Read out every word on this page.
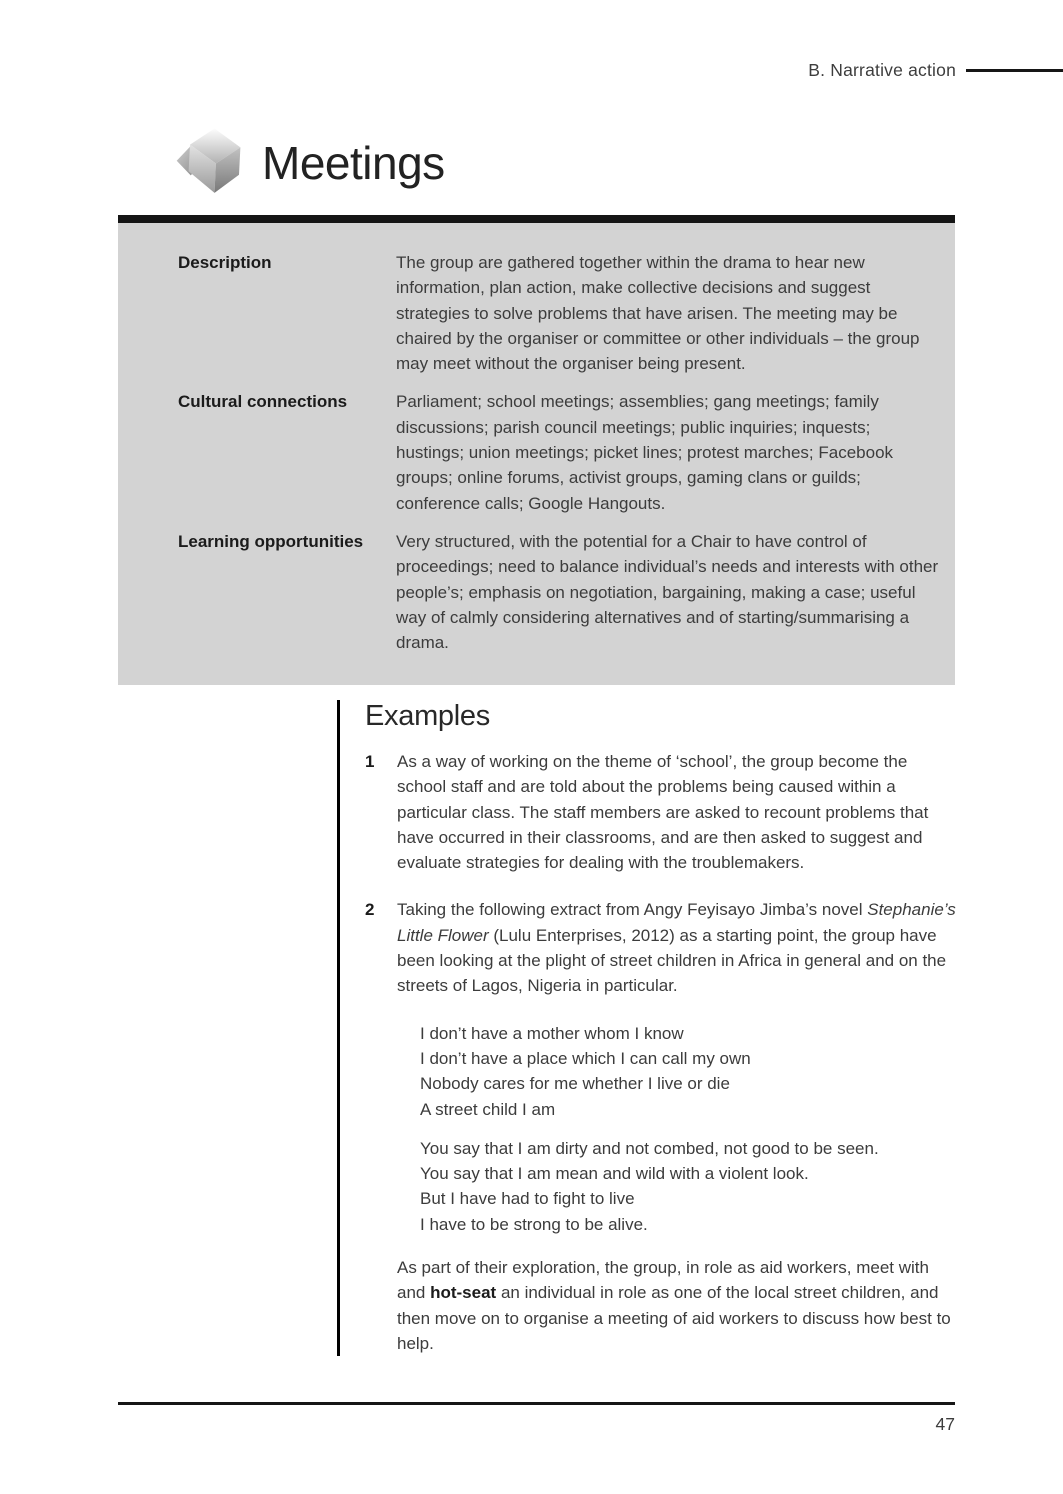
B. Narrative action
Meetings
Description	The group are gathered together within the drama to hear new information, plan action, make collective decisions and suggest strategies to solve problems that have arisen. The meeting may be chaired by the organiser or committee or other individuals – the group may meet without the organiser being present.
Cultural connections	Parliament; school meetings; assemblies; gang meetings; family discussions; parish council meetings; public inquiries; inquests; hustings; union meetings; picket lines; protest marches; Facebook groups; online forums, activist groups, gaming clans or guilds; conference calls; Google Hangouts.
Learning opportunities	Very structured, with the potential for a Chair to have control of proceedings; need to balance individual’s needs and interests with other people’s; emphasis on negotiation, bargaining, making a case; useful way of calmly considering alternatives and of starting/summarising a drama.
Examples
1	As a way of working on the theme of ‘school’, the group become the school staff and are told about the problems being caused within a particular class. The staff members are asked to recount problems that have occurred in their classrooms, and are then asked to suggest and evaluate strategies for dealing with the troublemakers.
2	Taking the following extract from Angy Feyisayo Jimba’s novel Stephanie’s Little Flower (Lulu Enterprises, 2012) as a starting point, the group have been looking at the plight of street children in Africa in general and on the streets of Lagos, Nigeria in particular.
I don’t have a mother whom I know
I don’t have a place which I can call my own
Nobody cares for me whether I live or die
A street child I am
You say that I am dirty and not combed, not good to be seen.
You say that I am mean and wild with a violent look.
But I have had to fight to live
I have to be strong to be alive.
As part of their exploration, the group, in role as aid workers, meet with and hot-seat an individual in role as one of the local street children, and then move on to organise a meeting of aid workers to discuss how best to help.
47
